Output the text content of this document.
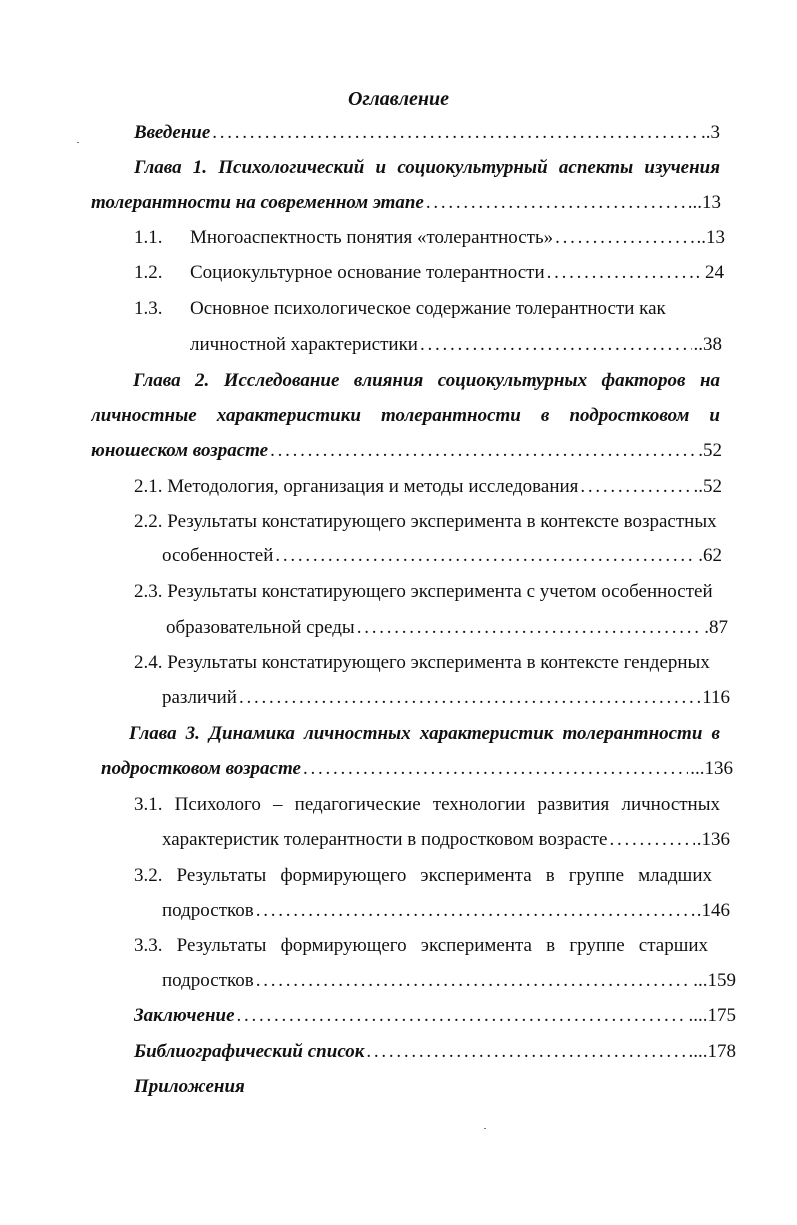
Оглавление
Введение . . .	..3
Глава 1. Психологический и социокультурный аспекты изучения
толерантности на современном этапе . . .	...13
1.1. Многоаспектность понятия «толерантность» . . .	..13
1.2. Социокультурное основание толерантности . . .	. 24
1.3. Основное психологическое содержание толерантности как
личностной характеристики . . .	..38
Глава 2. Исследование влияния социокультурных факторов на
личностные характеристики толерантности в подростковом и
юношеском возрасте . . .	.52
2.1. Методология, организация и методы исследования . . .	..52
2.2. Результаты констатирующего эксперимента в контексте возрастных
особенностей . . .	.62
2.3. Результаты констатирующего эксперимента с учетом особенностей
образовательной среды . . .	.87
2.4. Результаты констатирующего эксперимента в контексте гендерных
различий . . .	116
Глава 3. Динамика личностных характеристик толерантности в
подростковом возрасте . . .	...136
3.1. Психолого – педагогические технологии развития личностных
характеристик толерантности в подростковом возрасте . . .	.136
3.2. Результаты формирующего эксперимента в группе младших
подростков . . .	.146
3.3. Результаты формирующего эксперимента в группе старших
подростков . . .	...159
Заключение . . .	....175
Библиографический список . . .	....178
Приложения
